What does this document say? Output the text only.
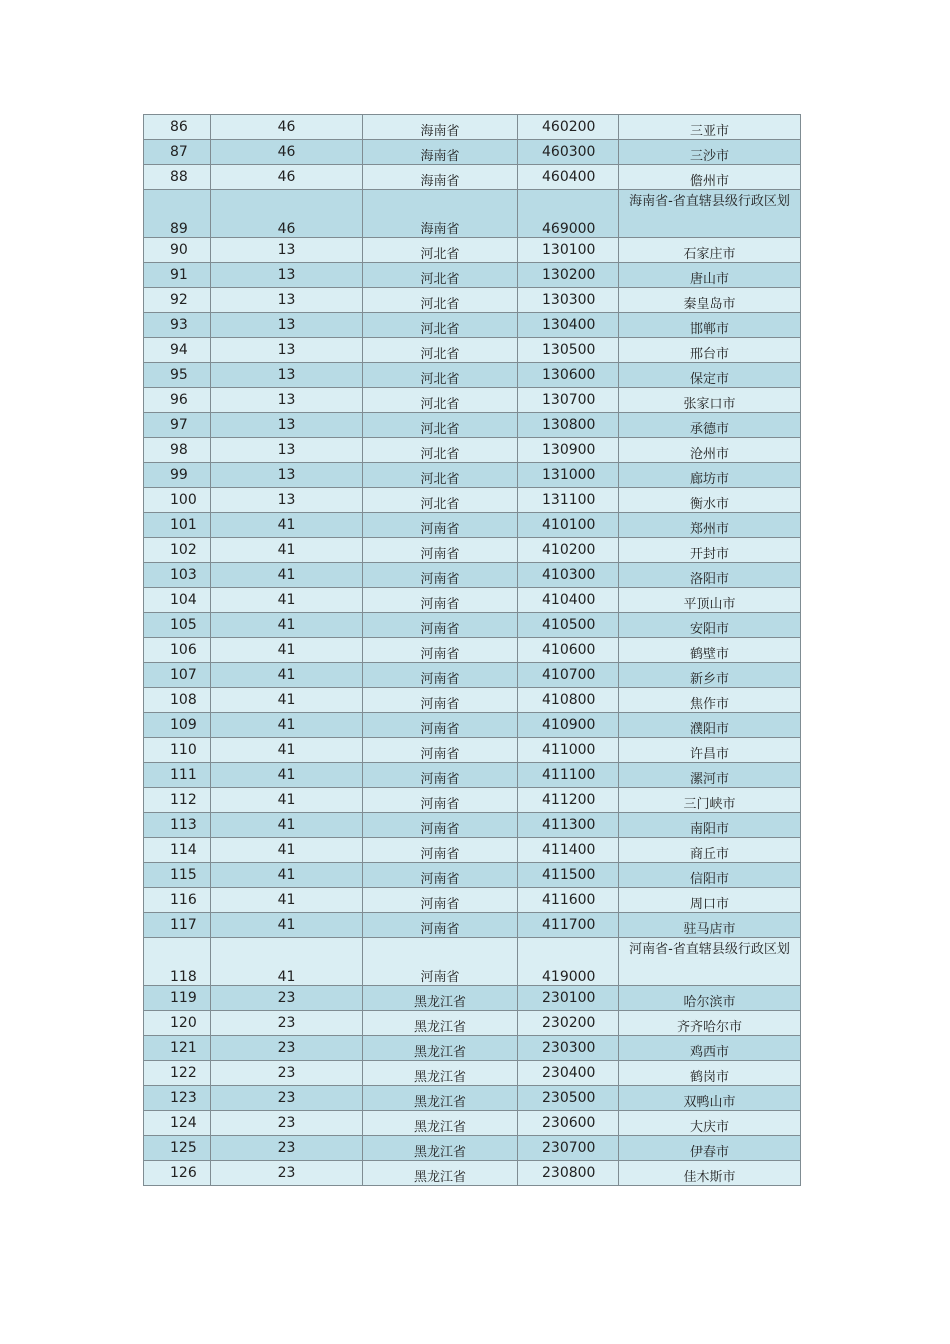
86	46	海南省	460200	三亚市
87	46	海南省	460300	三沙市
88	46	海南省	460400	儋州市
89	46	海南省	469000	海南省-省直辖县级行政区划
90	13	河北省	130100	石家庄市
91	13	河北省	130200	唐山市
92	13	河北省	130300	秦皇岛市
93	13	河北省	130400	邯郸市
94	13	河北省	130500	邢台市
95	13	河北省	130600	保定市
96	13	河北省	130700	张家口市
97	13	河北省	130800	承德市
98	13	河北省	130900	沧州市
99	13	河北省	131000	廊坊市
100	13	河北省	131100	衡水市
101	41	河南省	410100	郑州市
102	41	河南省	410200	开封市
103	41	河南省	410300	洛阳市
104	41	河南省	410400	平顶山市
105	41	河南省	410500	安阳市
106	41	河南省	410600	鹤壁市
107	41	河南省	410700	新乡市
108	41	河南省	410800	焦作市
109	41	河南省	410900	濮阳市
110	41	河南省	411000	许昌市
111	41	河南省	411100	漯河市
112	41	河南省	411200	三门峡市
113	41	河南省	411300	南阳市
114	41	河南省	411400	商丘市
115	41	河南省	411500	信阳市
116	41	河南省	411600	周口市
117	41	河南省	411700	驻马店市
118	41	河南省	419000	河南省-省直辖县级行政区划
119	23	黑龙江省	230100	哈尔滨市
120	23	黑龙江省	230200	齐齐哈尔市
121	23	黑龙江省	230300	鸡西市
122	23	黑龙江省	230400	鹤岗市
123	23	黑龙江省	230500	双鸭山市
124	23	黑龙江省	230600	大庆市
125	23	黑龙江省	230700	伊春市
126	23	黑龙江省	230800	佳木斯市
